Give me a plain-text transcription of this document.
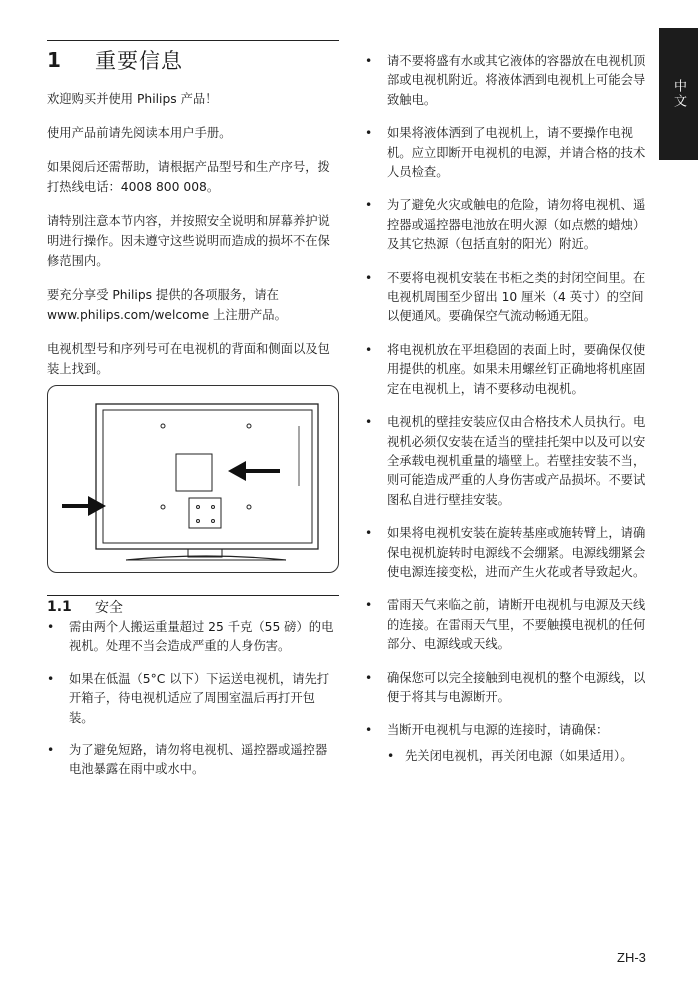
1	重要信息

欢迎购买并使用 Philips 产品！

使用产品前请先阅读本用户手册。

如果阅后还需帮助，请根据产品型号和生产序号，拨打热线电话：4008 800 008。

请特别注意本节内容，并按照安全说明和屏幕养护说明进行操作。因未遵守这些说明而造成的损坏不在保修范围内。

要充分享受 Philips 提供的各项服务，请在 www.philips.com/welcome 上注册产品。

电视机型号和序列号可在电视机的背面和侧面以及包装上找到。

1.1	安全
• 需由两个人搬运重量超过 25 千克（55 磅）的电视机。处理不当会造成严重的人身伤害。
• 如果在低温（5°C 以下）下运送电视机，请先打开箱子，待电视机适应了周围室温后再打开包装。
• 为了避免短路，请勿将电视机、遥控器或遥控器电池暴露在雨中或水中。
• 请不要将盛有水或其它液体的容器放在电视机顶部或电视机附近。将液体洒到电视机上可能会导致触电。
• 如果将液体洒到了电视机上，请不要操作电视机。应立即断开电视机的电源，并请合格的技术人员检查。
• 为了避免火灾或触电的危险，请勿将电视机、遥控器或遥控器电池放在明火源（如点燃的蜡烛）及其它热源（包括直射的阳光）附近。
• 不要将电视机安装在书柜之类的封闭空间里。在电视机周围至少留出 10 厘米（4 英寸）的空间以便通风。要确保空气流动畅通无阻。
• 将电视机放在平坦稳固的表面上时，要确保仅使用提供的机座。如果未用螺丝钉正确地将机座固定在电视机上，请不要移动电视机。
• 电视机的壁挂安装应仅由合格技术人员执行。电视机必须仅安装在适当的壁挂托架中以及可以安全承载电视机重量的墙壁上。若壁挂安装不当，则可能造成严重的人身伤害或产品损坏。不要试图私自进行壁挂安装。
• 如果将电视机安装在旋转基座或施转臂上，请确保电视机旋转时电源线不会绷紧。电源线绷紧会使电源连接变松，进而产生火花或者导致起火。
• 雷雨天气来临之前，请断开电视机与电源及天线的连接。在雷雨天气里，不要触摸电视机的任何部分、电源线或天线。
• 确保您可以完全接触到电视机的整个电源线，以便于将其与电源断开。
• 当断开电视机与电源的连接时，请确保：
• 先关闭电视机，再关闭电源（如果适用）。
中文
ZH-3
